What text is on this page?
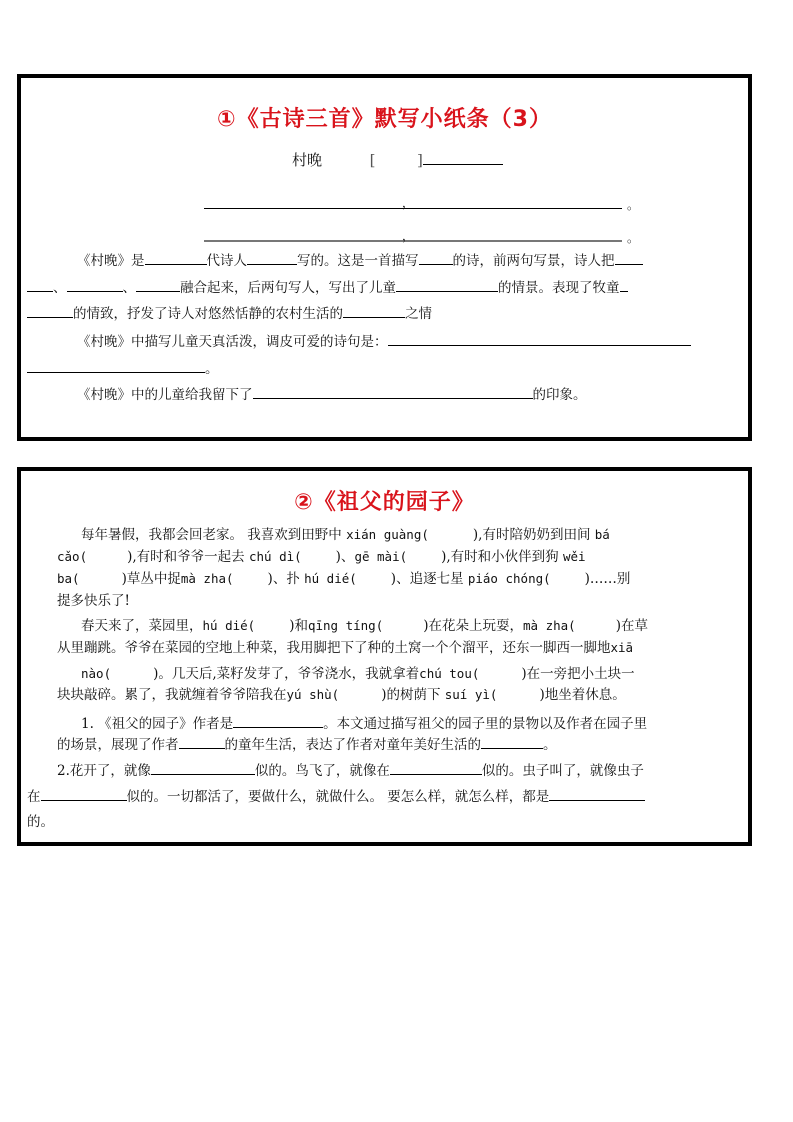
①《古诗三首》默写小纸条（3）
村晚	[	]
，	。
，	。
《村晚》是	代诗人	写的。这是一首描写	的诗，前两句写景，诗人把
、	、	融合起来，后两句写人，写出了儿童	的情景。表现了牧童
的情致，抒发了诗人对悠然恬静的农村生活的	之情
《村晚》中描写儿童天真活泼，调皮可爱的诗句是：
。
《村晚》中的儿童给我留下了	的印象。
②《祖父的园子》
每年暑假，我都会回老家。 我喜欢到田野中 xián guàng(	),有时陪奶奶到田间 bá
cǎo(	),有时和爷爷一起去 chú dì(	)、gē mài(	),有时和小伙伴到狗 wěi
ba(	)草丛中捉mà zha(	)、扑 hú dié(	)、追逐七星 piáo chóng(	)……别
提多快乐了!
春天来了，菜园里，hú dié(	)和qīng tíng(	)在花朵上玩耍，mà zha(	)在草
从里蹦跳。爷爷在菜园的空地上种菜，我用脚把下了种的土窝一个个溜平，还东一脚西一脚地xiā
nào(	)。几天后,菜籽发芽了，爷爷浇水，我就拿着chú tou(	)在一旁把小土块一
块块敲碎。累了，我就缠着爷爷陪我在yú shù(	)的树荫下 suí yì(	)地坐着休息。
1. 《祖父的园子》作者是	。本文通过描写祖父的园子里的景物以及作者在园子里
的场景，展现了作者	的童年生活，表达了作者对童年美好生活的	。
2.花开了，就像	似的。鸟飞了，就像在	似的。虫子叫了，就像虫子
在	似的。一切都活了，要做什么，就做什么。 要怎么样，就怎么样，都是
的。
